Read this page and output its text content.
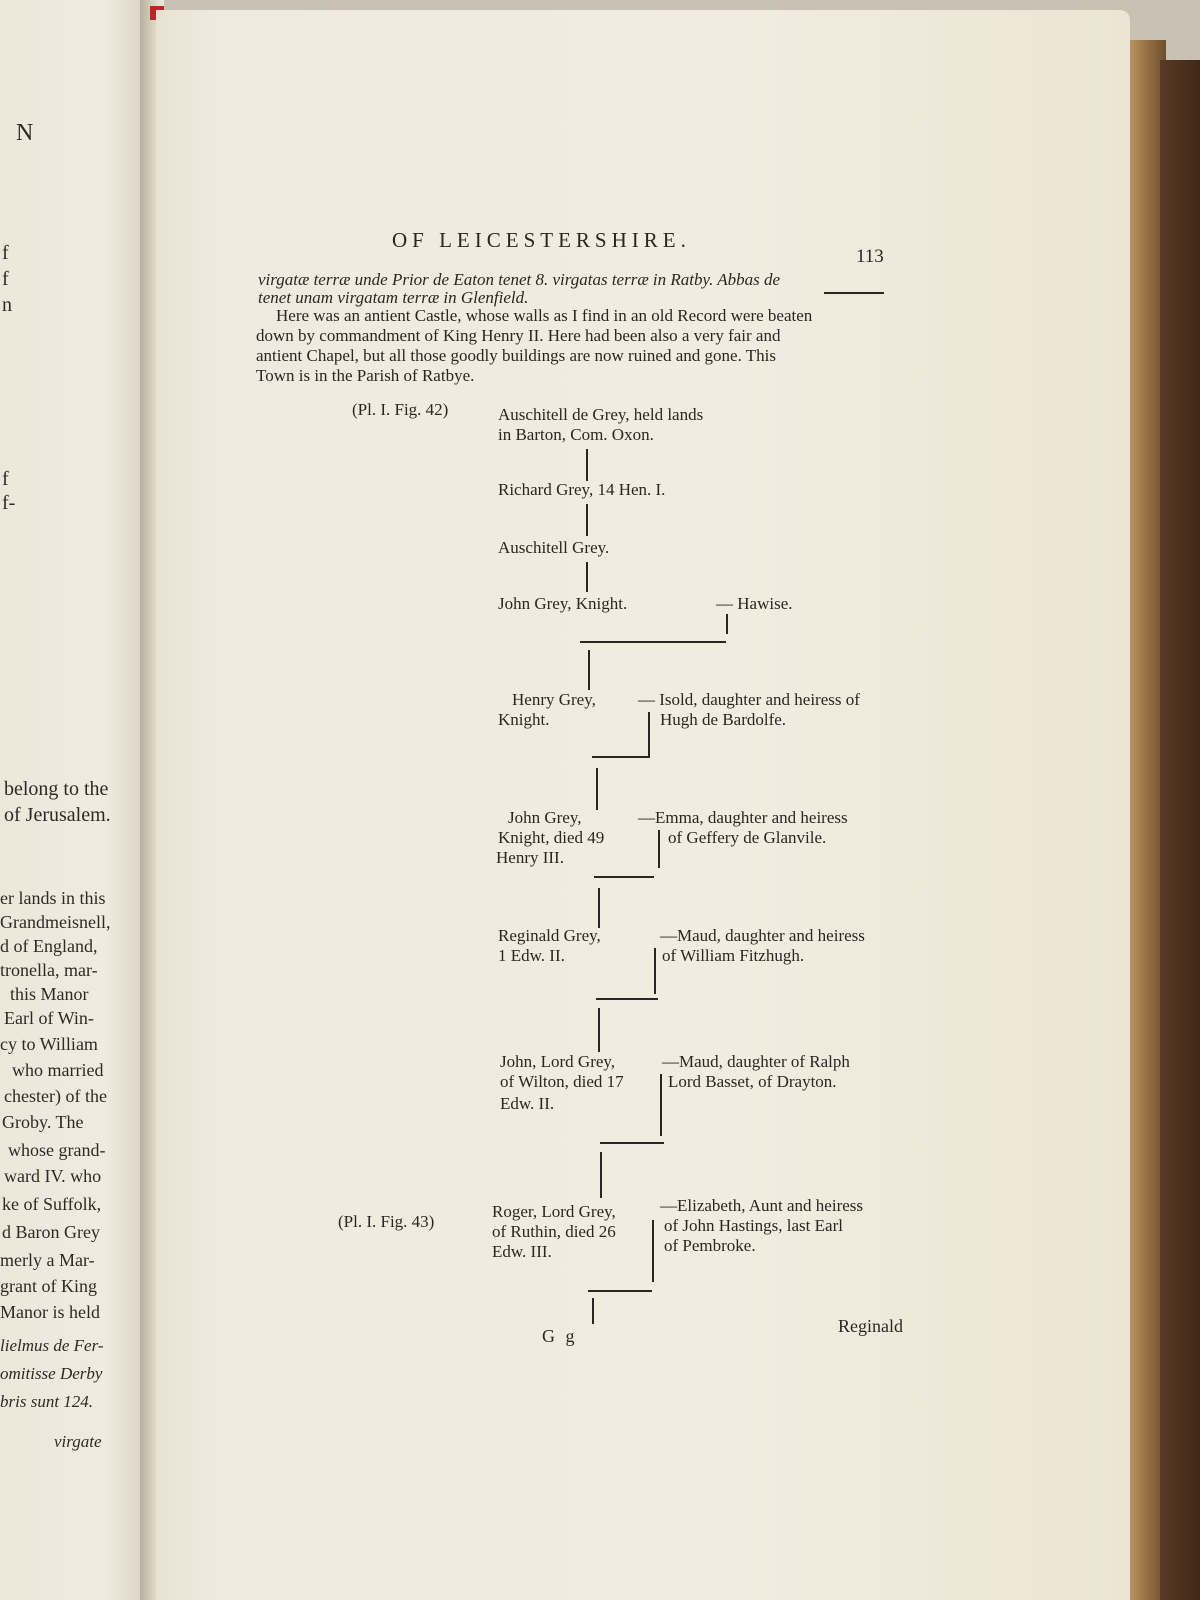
N
f
f
n
f
f-
belong to the
of Jerusalem.
er lands in this
Grandmeisnell,
d of England,
tronella, mar-
this Manor
Earl of Win-
cy to William
who married
chester) of the
Groby. The
whose grand-
ward IV. who
ke of Suffolk,
d Baron Grey
merly a Mar-
grant of King
Manor is held
lielmus de Fer-
omitisse Derby
bris sunt 124.
virgate
OF LEICESTERSHIRE.
113
virgatæ terræ unde Prior de Eaton tenet 8. virgatas terræ in Ratby. Abbas de
tenet unam virgatam terræ in Glenfield.
Here was an antient Castle, whose walls as I find in an old Record were beaten
down by commandment of King Henry II. Here had been also a very fair and
antient Chapel, but all those goodly buildings are now ruined and gone. This
Town is in the Parish of Ratbye.
(Pl. I. Fig. 42)	Auschitell de Grey, held lands
in Barton, Com. Oxon.
Richard Grey, 14 Hen. I.
Auschitell Grey.
John Grey, Knight.	— Hawise.
Henry Grey,
Knight.
— Isold, daughter and heiress of
Hugh de Bardolfe.
John Grey,
Knight, died 49
Henry III.
—Emma, daughter and heiress
of Geffery de Glanvile.
Reginald Grey,
1 Edw. II.
—Maud, daughter and heiress
of William Fitzhugh.
John, Lord Grey,
of Wilton, died 17
Edw. II.
—Maud, daughter of Ralph
Lord Basset, of Drayton.
(Pl. I. Fig. 43)
Roger, Lord Grey,
of Ruthin, died 26
Edw. III.
—Elizabeth, Aunt and heiress
of John Hastings, last Earl
of Pembroke.
G g	Reginald
